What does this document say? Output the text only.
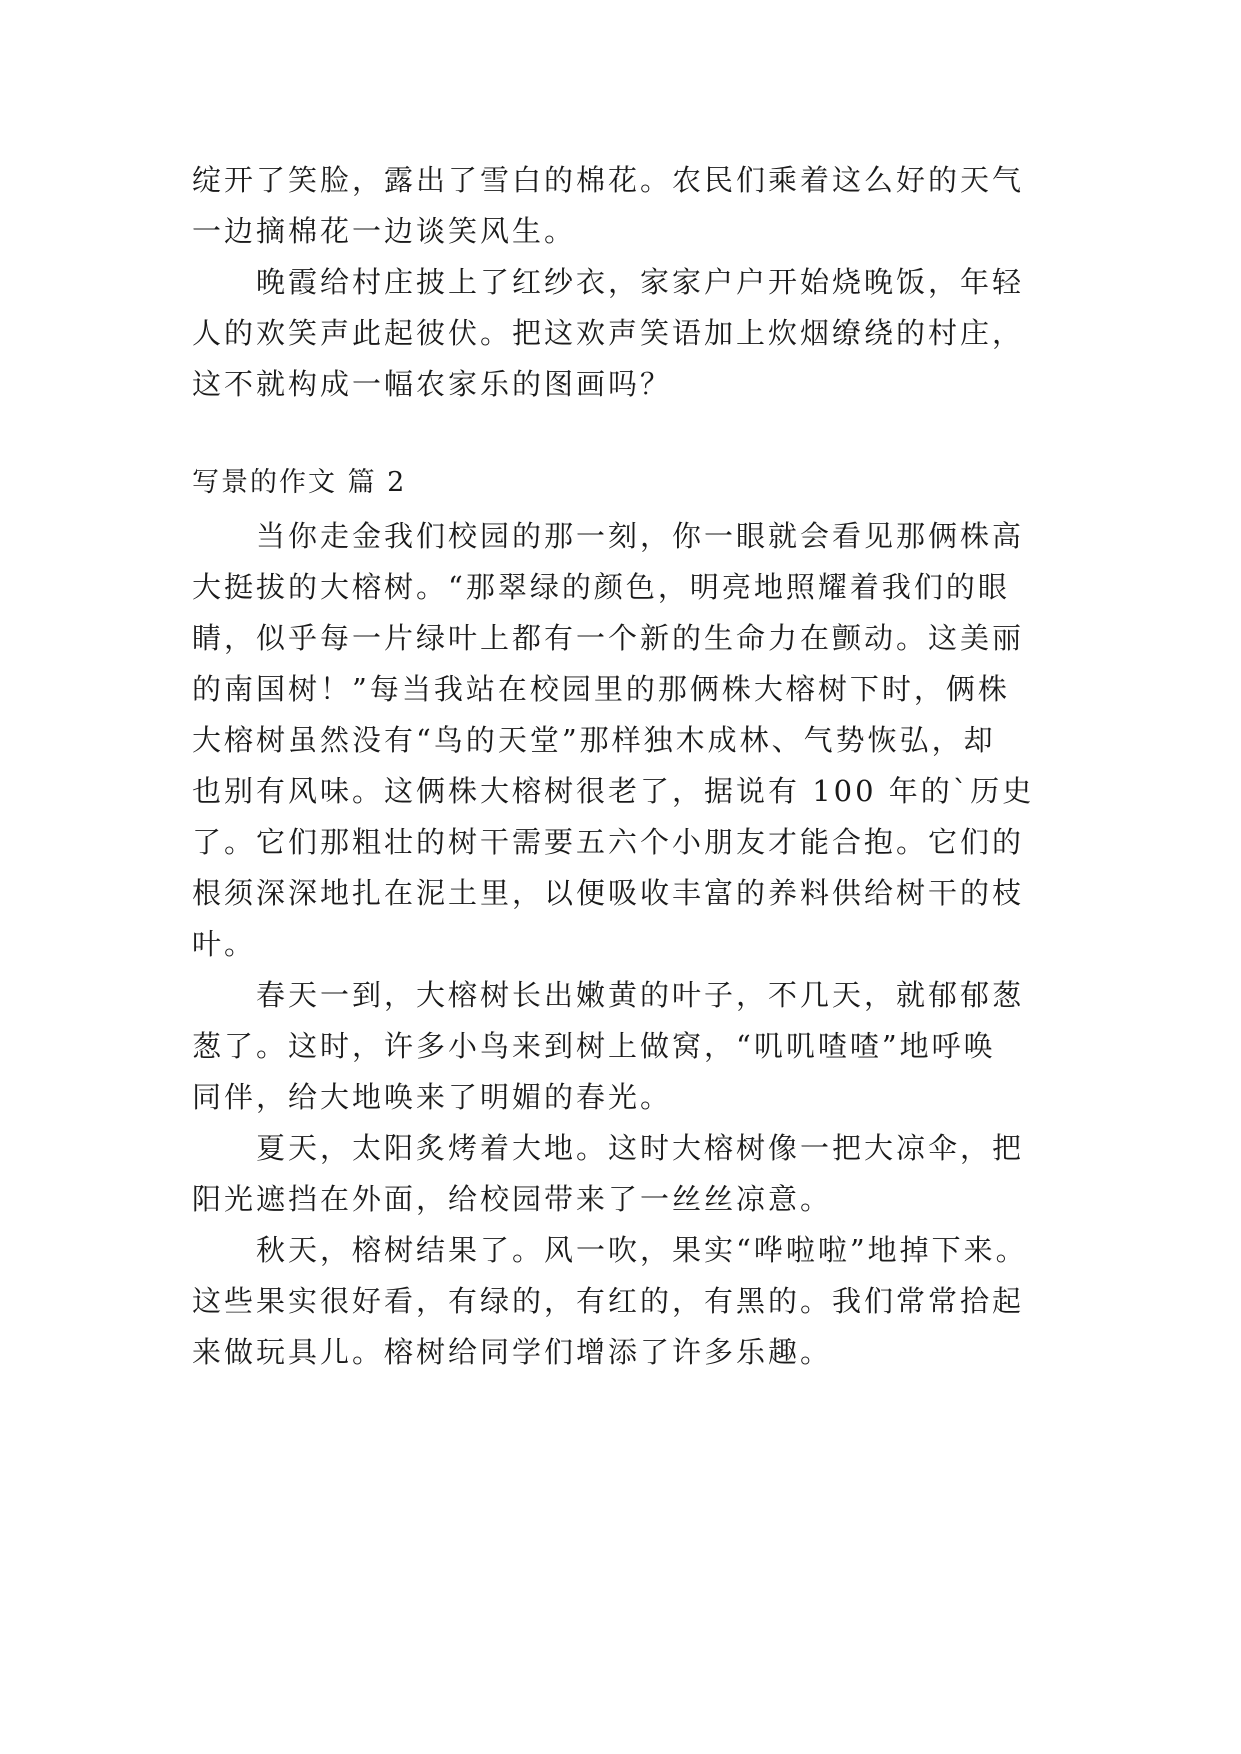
绽开了笑脸，露出了雪白的棉花。农民们乘着这么好的天气
一边摘棉花一边谈笑风生。
　　晚霞给村庄披上了红纱衣，家家户户开始烧晚饭，年轻
人的欢笑声此起彼伏。把这欢声笑语加上炊烟缭绕的村庄，
这不就构成一幅农家乐的图画吗？
写景的作文 篇 2
　　当你走金我们校园的那一刻，你一眼就会看见那俩株高
大挺拔的大榕树。“那翠绿的颜色，明亮地照耀着我们的眼
睛，似乎每一片绿叶上都有一个新的生命力在颤动。这美丽
的南国树！”每当我站在校园里的那俩株大榕树下时，俩株
大榕树虽然没有“鸟的天堂”那样独木成林、气势恢弘，却
也别有风味。这俩株大榕树很老了，据说有 100 年的`历史
了。它们那粗壮的树干需要五六个小朋友才能合抱。它们的
根须深深地扎在泥土里，以便吸收丰富的养料供给树干的枝
叶。
　　春天一到，大榕树长出嫩黄的叶子，不几天，就郁郁葱
葱了。这时，许多小鸟来到树上做窝，“叽叽喳喳”地呼唤
同伴，给大地唤来了明媚的春光。
　　夏天，太阳炙烤着大地。这时大榕树像一把大凉伞，把
阳光遮挡在外面，给校园带来了一丝丝凉意。
　　秋天，榕树结果了。风一吹，果实“哗啦啦”地掉下来。
这些果实很好看，有绿的，有红的，有黑的。我们常常拾起
来做玩具儿。榕树给同学们增添了许多乐趣。
